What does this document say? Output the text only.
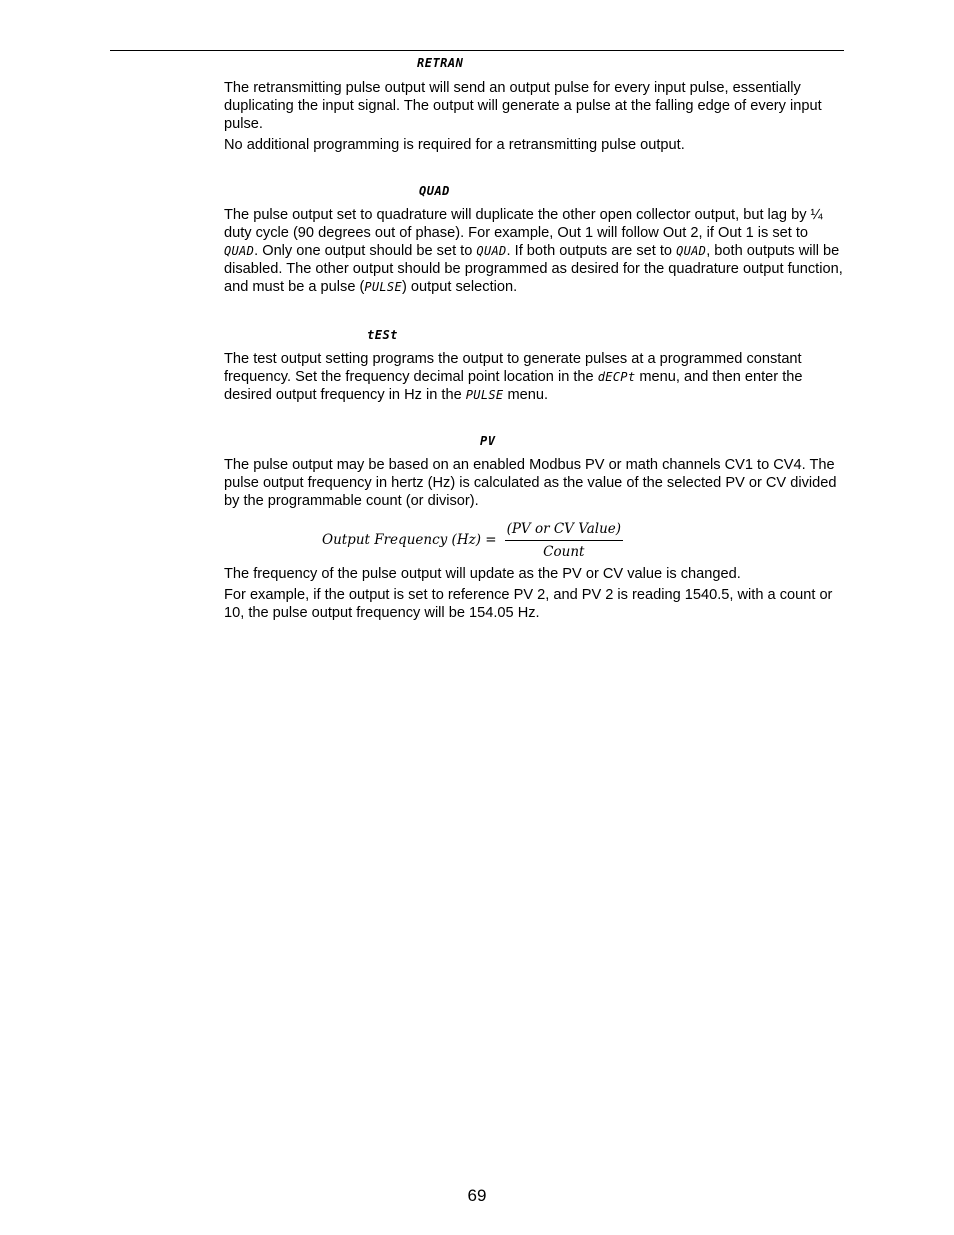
RETRAN

The retransmitting pulse output will send an output pulse for every input pulse, essentially duplicating the input signal. The output will generate a pulse at the falling edge of every input pulse.

No additional programming is required for a retransmitting pulse output.

QUAD

The pulse output set to quadrature will duplicate the other open collector output, but lag by ¼ duty cycle (90 degrees out of phase). For example, Out 1 will follow Out 2, if Out 1 is set to QUAD. Only one output should be set to QUAD. If both outputs are set to QUAD, both outputs will be disabled. The other output should be programmed as desired for the quadrature output function, and must be a pulse (PULSE) output selection.

tESt

The test output setting programs the output to generate pulses at a programmed constant frequency. Set the frequency decimal point location in the dECPt menu, and then enter the desired output frequency in Hz in the PULSE menu.

PV

The pulse output may be based on an enabled Modbus PV or math channels CV1 to CV4. The pulse output frequency in hertz (Hz) is calculated as the value of the selected PV or CV divided by the programmable count (or divisor).

Output Frequency $(Hz) = \frac{\text{(PV or CV Value)}}{\text{Count}}$

The frequency of the pulse output will update as the PV or CV value is changed.

For example, if the output is set to reference PV 2, and PV 2 is reading 1540.5, with a count or 10, the pulse output frequency will be 154.05 Hz.

69
